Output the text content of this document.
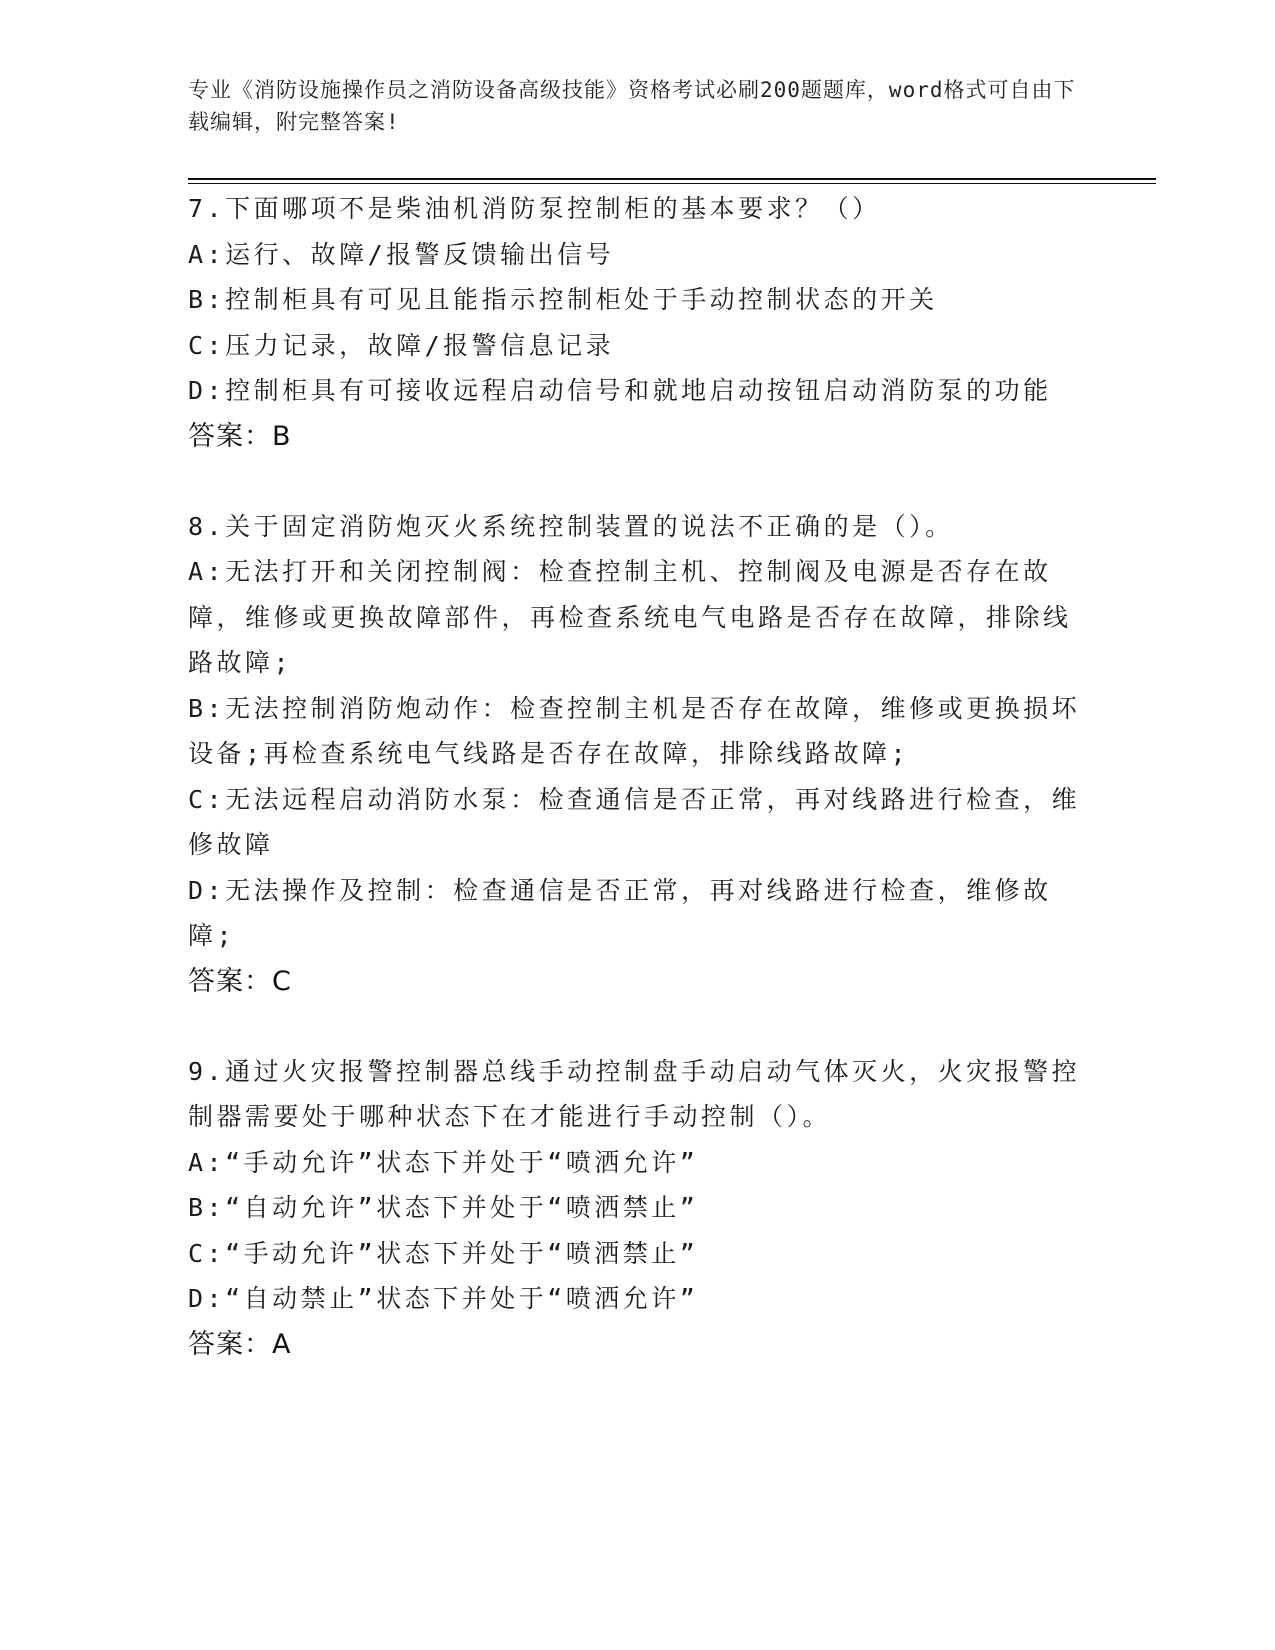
专业《消防设施操作员之消防设备高级技能》资格考试必刷200题题库，word格式可自由下载编辑，附完整答案!

7.下面哪项不是柴油机消防泵控制柜的基本要求？（）

A:运行、故障/报警反馈输出信号

B:控制柜具有可见且能指示控制柜处于手动控制状态的开关

C:压力记录，故障/报警信息记录

D:控制柜具有可接收远程启动信号和就地启动按钮启动消防泵的功能

答案：B

8.关于固定消防炮灭火系统控制装置的说法不正确的是（）。

A:无法打开和关闭控制阀：检查控制主机、控制阀及电源是否存在故障，维修或更换故障部件，再检查系统电气电路是否存在故障，排除线路故障;

B:无法控制消防炮动作：检查控制主机是否存在故障，维修或更换损坏设备;再检查系统电气线路是否存在故障，排除线路故障;

C:无法远程启动消防水泵：检查通信是否正常，再对线路进行检查，维修故障

D:无法操作及控制：检查通信是否正常，再对线路进行检查，维修故障;

答案：C

9.通过火灾报警控制器总线手动控制盘手动启动气体灭火，火灾报警控制器需要处于哪种状态下在才能进行手动控制（）。

A:“手动允许”状态下并处于“喷洒允许”

B:“自动允许”状态下并处于“喷洒禁止”

C:“手动允许”状态下并处于“喷洒禁止”

D:“自动禁止”状态下并处于“喷洒允许”

答案：A
